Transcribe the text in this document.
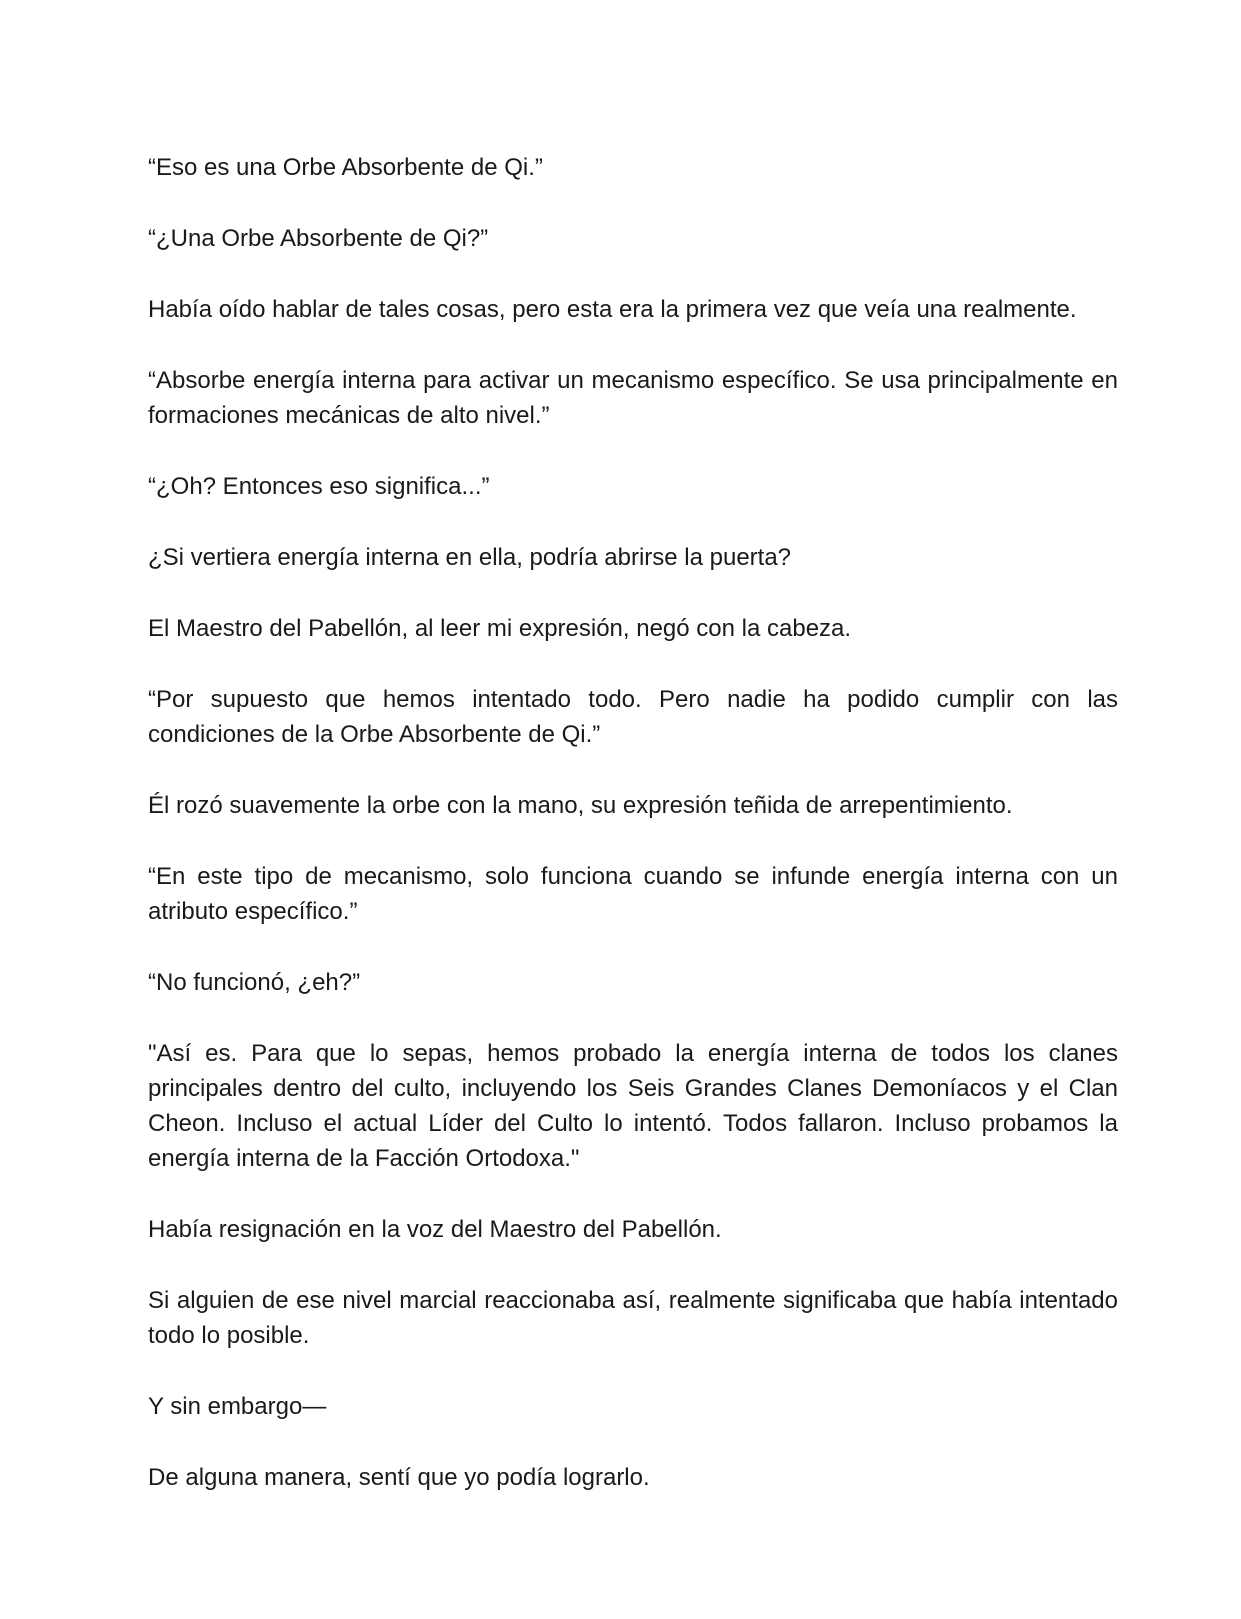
“Eso es una Orbe Absorbente de Qi.”

“¿Una Orbe Absorbente de Qi?”

Había oído hablar de tales cosas, pero esta era la primera vez que veía una realmente.

“Absorbe energía interna para activar un mecanismo específico. Se usa principalmente en formaciones mecánicas de alto nivel.”

“¿Oh? Entonces eso significa...”

¿Si vertiera energía interna en ella, podría abrirse la puerta?

El Maestro del Pabellón, al leer mi expresión, negó con la cabeza.

“Por supuesto que hemos intentado todo. Pero nadie ha podido cumplir con las condiciones de la Orbe Absorbente de Qi.”

Él rozó suavemente la orbe con la mano, su expresión teñida de arrepentimiento.

“En este tipo de mecanismo, solo funciona cuando se infunde energía interna con un atributo específico.”

“No funcionó, ¿eh?”

"Así es. Para que lo sepas, hemos probado la energía interna de todos los clanes principales dentro del culto, incluyendo los Seis Grandes Clanes Demoníacos y el Clan Cheon. Incluso el actual Líder del Culto lo intentó. Todos fallaron. Incluso probamos la energía interna de la Facción Ortodoxa."

Había resignación en la voz del Maestro del Pabellón.

Si alguien de ese nivel marcial reaccionaba así, realmente significaba que había intentado todo lo posible.

Y sin embargo—

De alguna manera, sentí que yo podía lograrlo.
